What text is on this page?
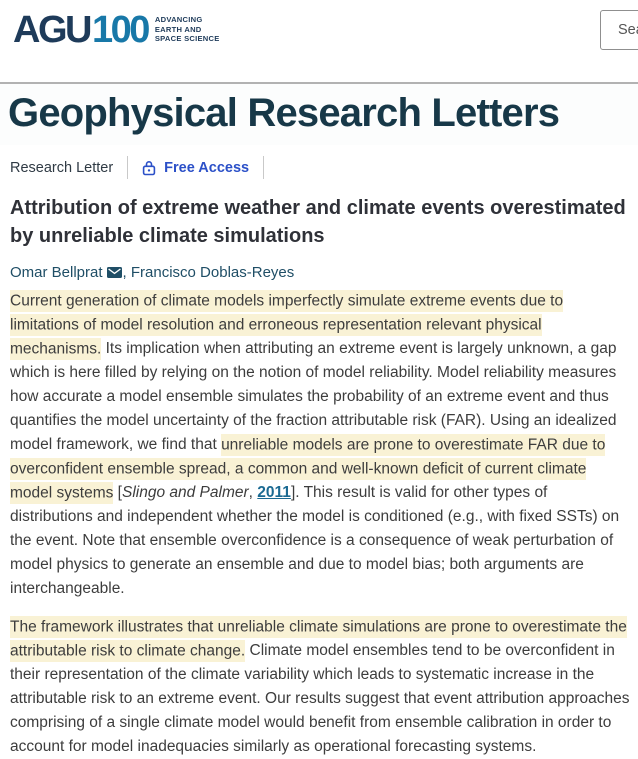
AGU 100 ADVANCING
EARTH AND
SPACE SCIENCE
Search
Geophysical Research Letters
Research Letter	Free Access
Attribution of extreme weather and climate events overestimated by unreliable climate simulations
Omar Bellprat , Francisco Doblas-Reyes

Current generation of climate models imperfectly simulate extreme events due to limitations of model resolution and erroneous representation relevant physical mechanisms. Its implication when attributing an extreme event is largely unknown, a gap which is here filled by relying on the notion of model reliability. Model reliability measures how accurate a model ensemble simulates the probability of an extreme event and thus quantifies the model uncertainty of the fraction attributable risk (FAR). Using an idealized model framework, we find that unreliable models are prone to overestimate FAR due to overconfident ensemble spread, a common and well-known deficit of current climate model systems [Slingo and Palmer, 2011]. This result is valid for other types of distributions and independent whether the model is conditioned (e.g., with fixed SSTs) on the event. Note that ensemble overconfidence is a consequence of weak perturbation of model physics to generate an ensemble and due to model bias; both arguments are interchangeable.

The framework illustrates that unreliable climate simulations are prone to overestimate the attributable risk to climate change. Climate model ensembles tend to be overconfident in their representation of the climate variability which leads to systematic increase in the attributable risk to an extreme event. Our results suggest that event attribution approaches comprising of a single climate model would benefit from ensemble calibration in order to account for model inadequacies similarly as operational forecasting systems.
